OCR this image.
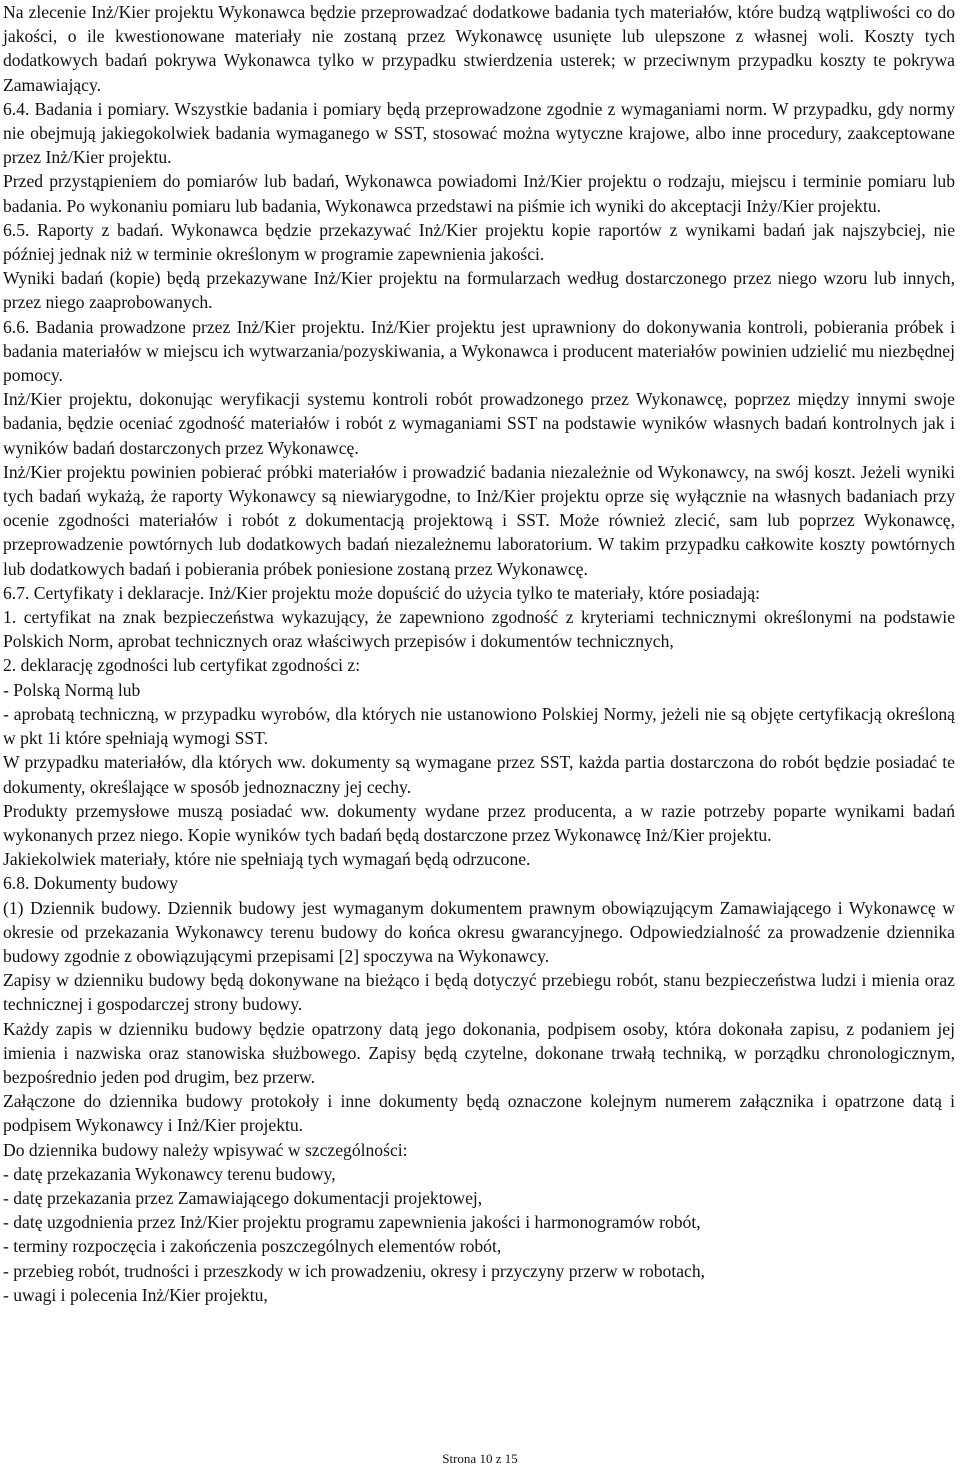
Na zlecenie Inż/Kier projektu Wykonawca będzie przeprowadzać dodatkowe badania tych materiałów, które budzą wątpliwości co do jakości, o ile kwestionowane materiały nie zostaną przez Wykonawcę usunięte lub ulepszone z własnej woli. Koszty tych dodatkowych badań pokrywa Wykonawca tylko w przypadku stwierdzenia usterek; w przeciwnym przypadku koszty te pokrywa Zamawiający.

6.4. Badania i pomiary. Wszystkie badania i pomiary będą przeprowadzone zgodnie z wymaganiami norm. W przypadku, gdy normy nie obejmują jakiegokolwiek badania wymaganego w SST, stosować można wytyczne krajowe, albo inne procedury, zaakceptowane przez Inż/Kier projektu.

Przed przystąpieniem do pomiarów lub badań, Wykonawca powiadomi Inż/Kier projektu o rodzaju, miejscu i terminie pomiaru lub badania. Po wykonaniu pomiaru lub badania, Wykonawca przedstawi na piśmie ich wyniki do akceptacji Inży/Kier projektu.

6.5. Raporty z badań. Wykonawca będzie przekazywać Inż/Kier projektu kopie raportów z wynikami badań jak najszybciej, nie później jednak niż w terminie określonym w programie zapewnienia jakości.

Wyniki badań (kopie) będą przekazywane Inż/Kier projektu na formularzach według dostarczonego przez niego wzoru lub innych, przez niego zaaprobowanych.

6.6. Badania prowadzone przez Inż/Kier projektu. Inż/Kier projektu jest uprawniony do dokonywania kontroli, pobierania próbek i badania materiałów w miejscu ich wytwarzania/pozyskiwania, a Wykonawca i producent materiałów powinien udzielić mu niezbędnej pomocy.

Inż/Kier projektu, dokonując weryfikacji systemu kontroli robót prowadzonego przez Wykonawcę, poprzez między innymi swoje badania, będzie oceniać zgodność materiałów i robót z wymaganiami SST na podstawie wyników własnych badań kontrolnych jak i wyników badań dostarczonych przez Wykonawcę.

Inż/Kier projektu powinien pobierać próbki materiałów i prowadzić badania niezależnie od Wykonawcy, na swój koszt. Jeżeli wyniki tych badań wykażą, że raporty Wykonawcy są niewiarygodne, to Inż/Kier projektu oprze się wyłącznie na własnych badaniach przy ocenie zgodności materiałów i robót z dokumentacją projektową i SST. Może również zlecić, sam lub poprzez Wykonawcę, przeprowadzenie powtórnych lub dodatkowych badań niezależnemu laboratorium. W takim przypadku całkowite koszty powtórnych lub dodatkowych badań i pobierania próbek poniesione zostaną przez Wykonawcę.

6.7. Certyfikaty i deklaracje. Inż/Kier projektu może dopuścić do użycia tylko te materiały, które posiadają:

1. certyfikat na znak bezpieczeństwa wykazujący, że zapewniono zgodność z kryteriami technicznymi określonymi na podstawie Polskich Norm, aprobat technicznych oraz właściwych przepisów i dokumentów technicznych,

2. deklarację zgodności lub certyfikat zgodności z:

- Polską Normą lub

- aprobatą techniczną, w przypadku wyrobów, dla których nie ustanowiono Polskiej Normy, jeżeli nie są objęte certyfikacją określoną w pkt 1i które spełniają wymogi SST.

W przypadku materiałów, dla których ww. dokumenty są wymagane przez SST, każda partia dostarczona do robót będzie posiadać te dokumenty, określające w sposób jednoznaczny jej cechy.

Produkty przemysłowe muszą posiadać ww. dokumenty wydane przez producenta, a w razie potrzeby poparte wynikami badań wykonanych przez niego. Kopie wyników tych badań będą dostarczone przez Wykonawcę Inż/Kier projektu.

Jakiekolwiek materiały, które nie spełniają tych wymagań będą odrzucone.

6.8. Dokumenty budowy

(1) Dziennik budowy. Dziennik budowy jest wymaganym dokumentem prawnym obowiązującym Zamawiającego i Wykonawcę w okresie od przekazania Wykonawcy terenu budowy do końca okresu gwarancyjnego. Odpowiedzialność za prowadzenie dziennika budowy zgodnie z obowiązującymi przepisami [2] spoczywa na Wykonawcy.

Zapisy w dzienniku budowy będą dokonywane na bieżąco i będą dotyczyć przebiegu robót, stanu bezpieczeństwa ludzi i mienia oraz technicznej i gospodarczej strony budowy.

Każdy zapis w dzienniku budowy będzie opatrzony datą jego dokonania, podpisem osoby, która dokonała zapisu, z podaniem jej imienia i nazwiska oraz stanowiska służbowego. Zapisy będą czytelne, dokonane trwałą techniką, w porządku chronologicznym, bezpośrednio jeden pod drugim, bez przerw.

Załączone do dziennika budowy protokoły i inne dokumenty będą oznaczone kolejnym numerem załącznika i opatrzone datą i podpisem Wykonawcy i Inż/Kier projektu.

Do dziennika budowy należy wpisywać w szczególności:

- datę przekazania Wykonawcy terenu budowy,

- datę przekazania przez Zamawiającego dokumentacji projektowej,

- datę uzgodnienia przez Inż/Kier projektu programu zapewnienia jakości i harmonogramów robót,

- terminy rozpoczęcia i zakończenia poszczególnych elementów robót,

- przebieg robót, trudności i przeszkody w ich prowadzeniu, okresy i przyczyny przerw w robotach,

- uwagi i polecenia Inż/Kier projektu,

Strona 10 z 15
